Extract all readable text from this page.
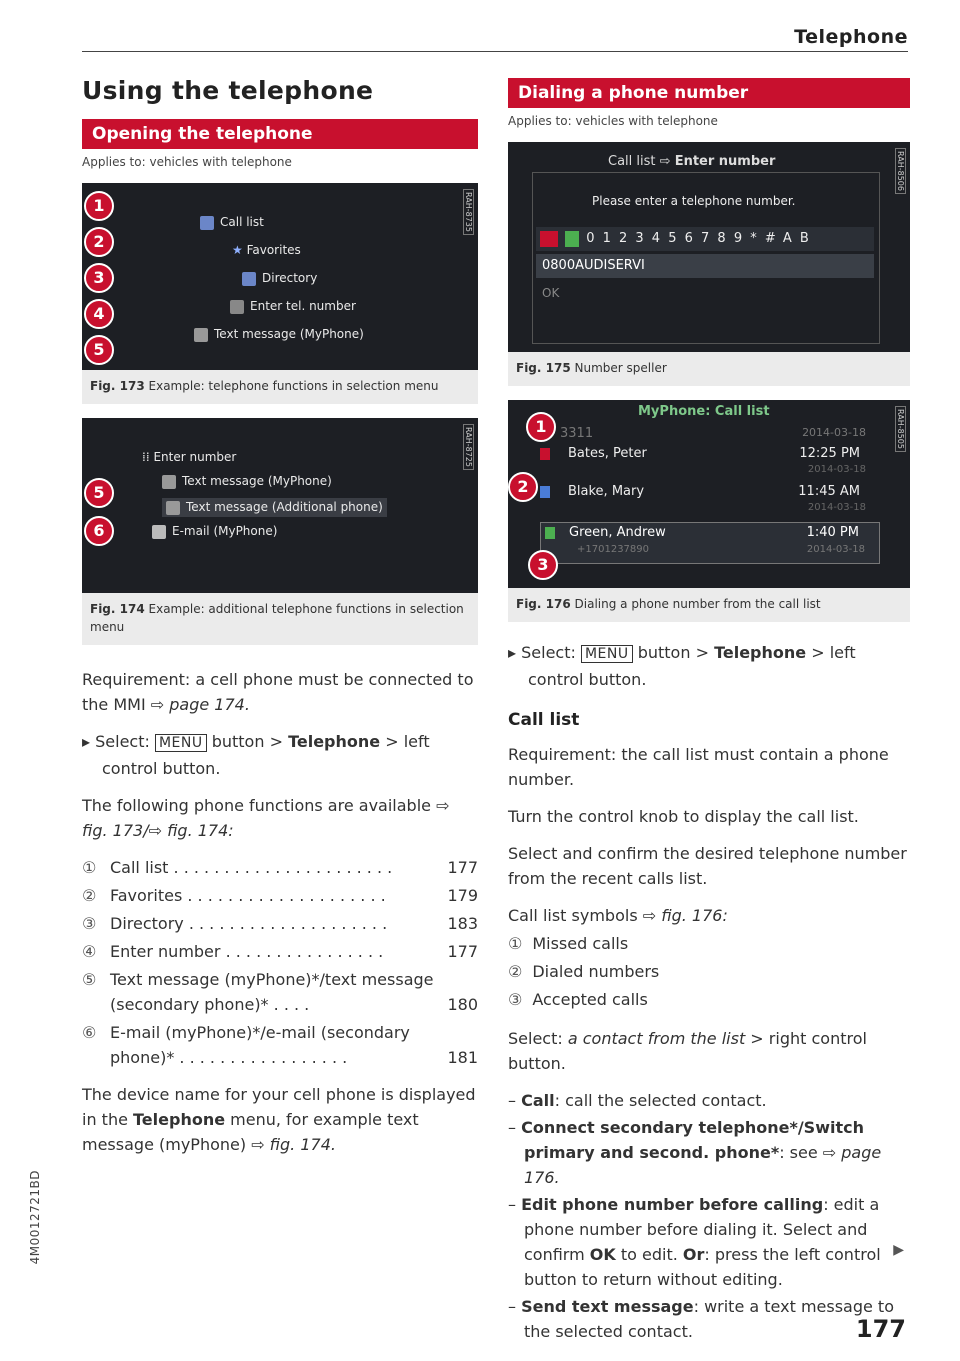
Telephone
Using the telephone
Opening the telephone
Applies to: vehicles with telephone
RAH-8735
Call list
★ Favorites
Directory
Enter tel. number
Text message (MyPhone)
1
2
3
4
5
Fig. 173 Example: telephone functions in selection menu
RAH-8725
⁞⁞ Enter number
Text message (MyPhone)
Text message (Additional phone)
E-mail (MyPhone)
5
6
Fig. 174 Example: additional telephone functions in selection menu

Requirement: a cell phone must be connected to the MMI ⇨ page 174.

▸ Select: MENU button > Telephone > left control button.

The following phone functions are available ⇨ fig. 173/⇨ fig. 174:

① Call list . . . . . . . . . . . . . . . . . . . . . .	177
② Favorites . . . . . . . . . . . . . . . . . . . .	179
③ Directory . . . . . . . . . . . . . . . . . . . .	183
④ Enter number . . . . . . . . . . . . . . . .	177
⑤ Text message (myPhone)*/text message (secondary phone)* . . . .	180
⑥ E-mail (myPhone)*/e-mail (secondary phone)* . . . . . . . . . . . . . . . . .	181

The device name for your cell phone is displayed in the Telephone menu, for example text message (myPhone) ⇨ fig. 174.

Dialing a phone number
Applies to: vehicles with telephone
RAH-8506
Call list ⇨ Enter number
Please enter a telephone number.
0 1 2 3 4 5 6 7 8 9 * # A B
0800AUDISERVI
OK
Fig. 175 Number speller
RAH-8505
MyPhone: Call list
3311	2014-03-18
Bates, Peter	12:25 PM
2014-03-18
Blake, Mary	11:45 AM
2014-03-18
Green, Andrew	1:40 PM
+1701237890	2014-03-18
1
2
3
Fig. 176 Dialing a phone number from the call list

▸ Select: MENU button > Telephone > left control button.

Call list

Requirement: the call list must contain a phone number.

Turn the control knob to display the call list.

Select and confirm the desired telephone number from the recent calls list.

Call list symbols ⇨ fig. 176:

① Missed calls
② Dialed numbers
③ Accepted calls

Select: a contact from the list > right control button.

– Call: call the selected contact.
– Connect secondary telephone*/Switch primary and second. phone*: see ⇨ page 176.
– Edit phone number before calling: edit a phone number before dialing it. Select and confirm OK to edit. Or: press the left control button to return without editing.
– Send text message: write a text message to the selected contact.
▶
177
4M0012721BD
